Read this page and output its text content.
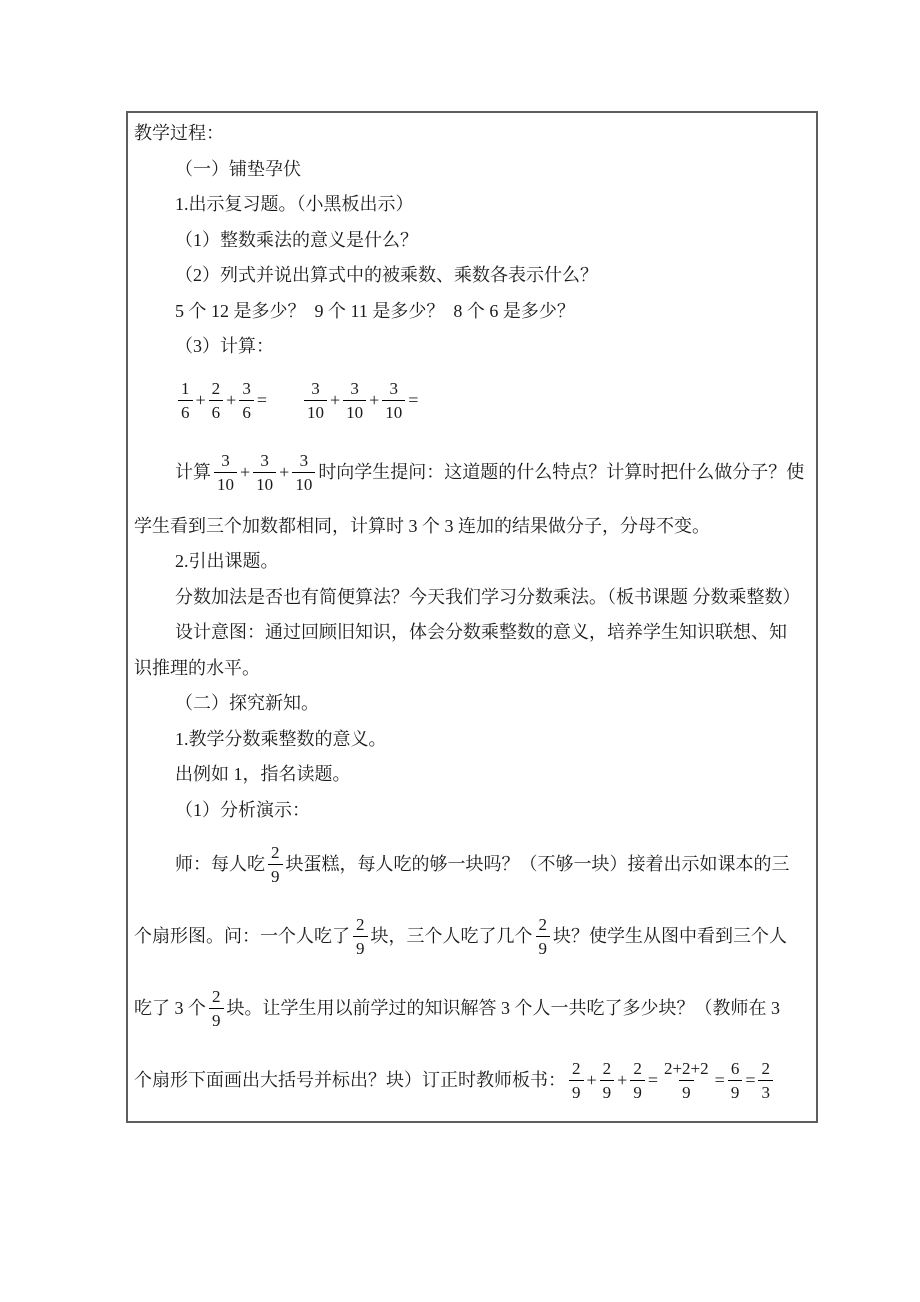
教学过程：
（一）铺垫孕伏
1.出示复习题。（小黑板出示）
（1）整数乘法的意义是什么？
（2）列式并说出算式中的被乘数、乘数各表示什么？
5 个 12 是多少？  9 个 11 是多少？  8 个 6 是多少？
（3）计算：
$\frac{1}{6} + \frac{2}{6} + \frac{3}{6} = \frac{3}{10} + \frac{3}{10} + \frac{3}{10}$ =
计算 $\frac{3}{10} + \frac{3}{10} + \frac{3}{10}$ 时向学生提问：这道题的什么特点？计算时把什么做分子？使
学生看到三个加数都相同，计算时 3 个 3 连加的结果做分子，分母不变。
2.引出课题。
分数加法是否也有简便算法？今天我们学习分数乘法。（板书课题 分数乘整数）
设计意图：通过回顾旧知识，体会分数乘整数的意义，培养学生知识联想、知
识推理的水平。
（二）探究新知。
1.教学分数乘整数的意义。
出例如 1，指名读题。
（1）分析演示：
师：每人吃 $\frac{2}{9}$ 块蛋糕，每人吃的够一块吗？（不够一块）接着出示如课本的三
个扇形图。问：一个人吃了 $\frac{2}{9}$ 块，三个人吃了几个 $\frac{2}{9}$ 块？使学生从图中看到三个人
吃了 3 个 $\frac{2}{9}$ 块。让学生用以前学过的知识解答 3 个人一共吃了多少块？（教师在 3
个扇形下面画出大括号并标出？块）订正时教师板书： $\frac{2}{9} + \frac{2}{9} + \frac{2}{9} = \frac{2+2+2}{9} = \frac{6}{9} = \frac{2}{3}$
